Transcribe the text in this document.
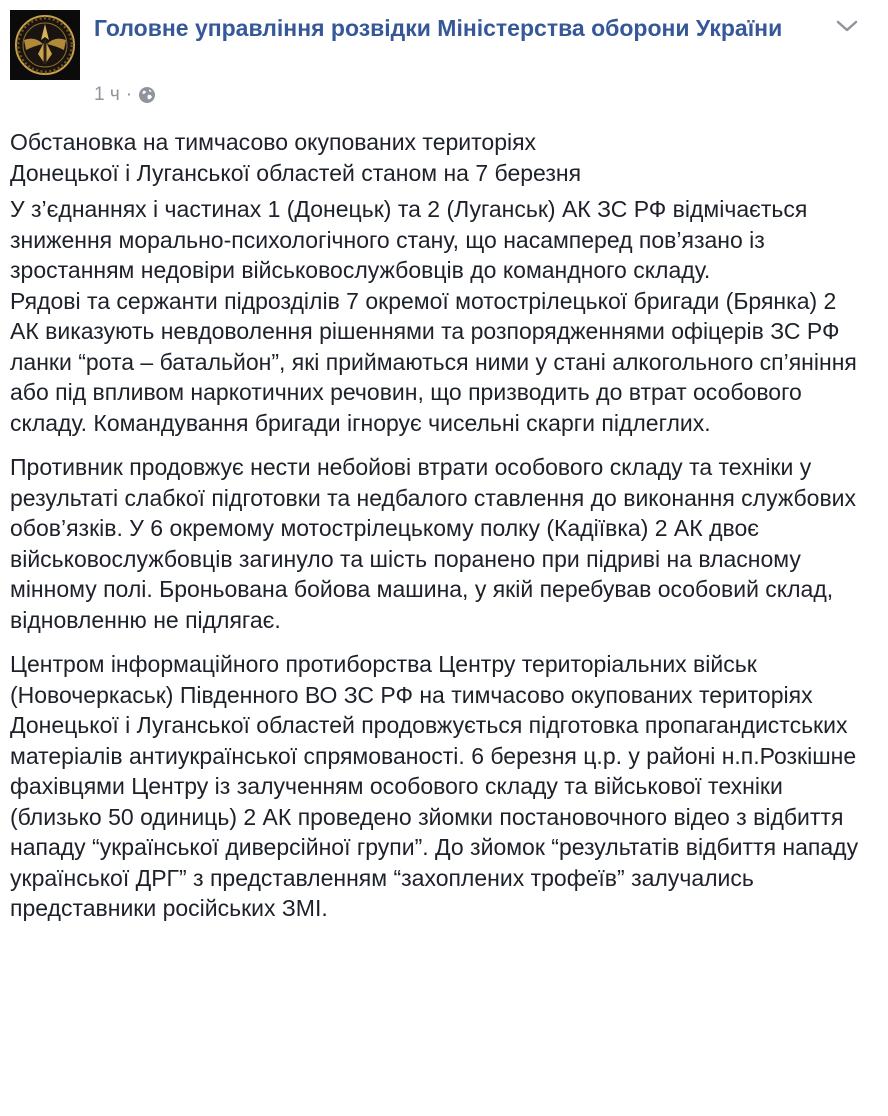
Головне управління розвідки Міністерства оборони України
1 ч ·

Обстановка на тимчасово окупованих територіях
Донецької і Луганської областей станом на 7 березня

У з’єднаннях і частинах 1 (Донецьк) та 2 (Луганськ) АК ЗС РФ відмічається зниження морально-психологічного стану, що насамперед пов’язано із зростанням недовіри військовослужбовців до командного складу.
Рядові та сержанти підрозділів 7 окремої мотострілецької бригади (Брянка) 2 АК виказують невдоволення рішеннями та розпорядженнями офіцерів ЗС РФ ланки “рота – батальйон”, які приймаються ними у стані алкогольного сп’яніння або під впливом наркотичних речовин, що призводить до втрат особового складу. Командування бригади ігнорує чисельні скарги підлеглих.

Противник продовжує нести небойові втрати особового складу та техніки у результаті слабкої підготовки та недбалого ставлення до виконання службових обов’язків. У 6 окремому мотострілецькому полку (Кадіївка) 2 АК двоє військовослужбовців загинуло та шість поранено при підриві на власному мінному полі. Броньована бойова машина, у якій перебував особовий склад, відновленню не підлягає.

Центром інформаційного протиборства Центру територіальних військ (Новочеркаськ) Південного ВО ЗС РФ на тимчасово окупованих територіях Донецької і Луганської областей продовжується підготовка пропагандистських матеріалів антиукраїнської спрямованості. 6 березня ц.р. у районі н.п.Розкішне фахівцями Центру із залученням особового складу та військової техніки (близько 50 одиниць) 2 АК проведено зйомки постановочного відео з відбиття нападу “української диверсійної групи”. До зйомок “результатів відбиття нападу української ДРГ” з представленням “захоплених трофеїв” залучались представники російських ЗМІ.
